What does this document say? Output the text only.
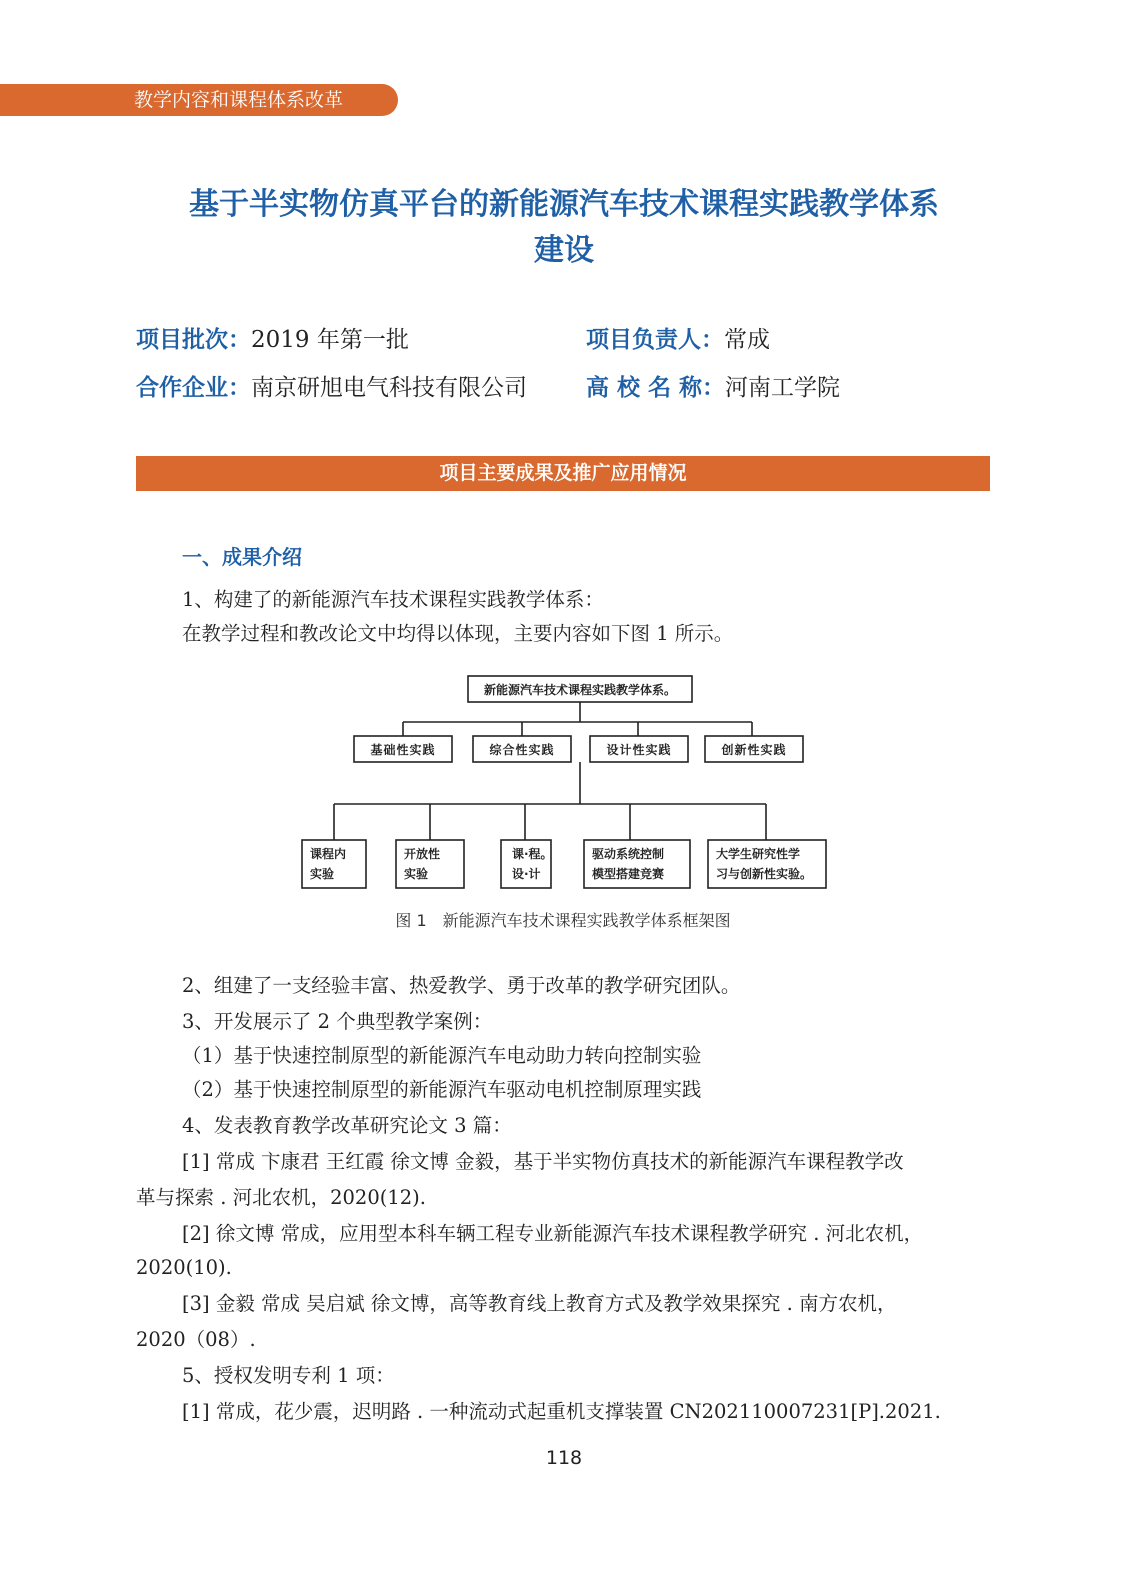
教学内容和课程体系改革
基于半实物仿真平台的新能源汽车技术课程实践教学体系
建设
项目批次：2019 年第一批	项目负责人：常成
合作企业：南京研旭电气科技有限公司	高 校 名 称：河南工学院
项目主要成果及推广应用情况
一、成果介绍
1、构建了的新能源汽车技术课程实践教学体系：
在教学过程和教改论文中均得以体现，主要内容如下图 1 所示。
新能源汽车技术课程实践教学体系。
基础性实践	综合性实践	设计性实践	创新性实践
课程内
实验
开放性
实验
课·程。
设·计
驱动系统控制
模型搭建竞赛
大学生研究性学
习与创新性实验。
图 1　新能源汽车技术课程实践教学体系框架图
2、组建了一支经验丰富、热爱教学、勇于改革的教学研究团队。
3、开发展示了 2 个典型教学案例：
（1）基于快速控制原型的新能源汽车电动助力转向控制实验
（2）基于快速控制原型的新能源汽车驱动电机控制原理实践
4、发表教育教学改革研究论文 3 篇：
[1] 常成 卞康君 王红霞 徐文博 金毅，基于半实物仿真技术的新能源汽车课程教学改
革与探索 . 河北农机，2020(12).
[2] 徐文博 常成，应用型本科车辆工程专业新能源汽车技术课程教学研究 . 河北农机，
2020(10).
[3] 金毅 常成 吴启斌 徐文博，高等教育线上教育方式及教学效果探究 . 南方农机，
2020（08）.
5、授权发明专利 1 项：
[1] 常成，花少震，迟明路 . 一种流动式起重机支撑装置 CN202110007231[P].2021.
118
